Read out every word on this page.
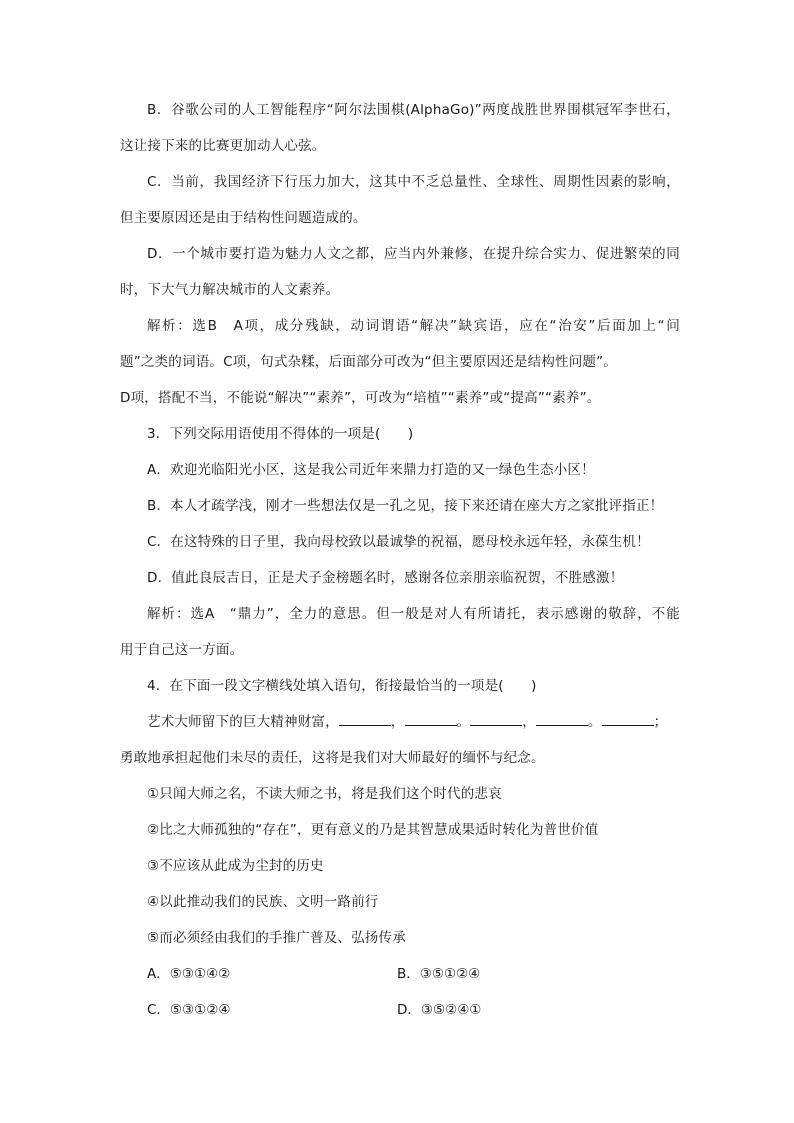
B．谷歌公司的人工智能程序“阿尔法围棋(AlphaGo)”两度战胜世界围棋冠军李世石，
这让接下来的比赛更加动人心弦。
C．当前，我国经济下行压力加大，这其中不乏总量性、全球性、周期性因素的影响，
但主要原因还是由于结构性问题造成的。
D．一个城市要打造为魅力人文之都，应当内外兼修，在提升综合实力、促进繁荣的同
时，下大气力解决城市的人文素养。
解析：选B　A项，成分残缺，动词谓语“解决”缺宾语，应在“治安”后面加上“问
题”之类的词语。C项，句式杂糅，后面部分可改为“但主要原因还是结构性问题”。
D项，搭配不当，不能说“解决”“素养”，可改为“培植”“素养”或“提高”“素养”。
3．下列交际用语使用不得体的一项是(　　)
A．欢迎光临阳光小区，这是我公司近年来鼎力打造的又一绿色生态小区！
B．本人才疏学浅，刚才一些想法仅是一孔之见，接下来还请在座大方之家批评指正！
C．在这特殊的日子里，我向母校致以最诚挚的祝福，愿母校永远年轻，永葆生机！
D．值此良辰吉日，正是犬子金榜题名时，感谢各位亲朋亲临祝贺，不胜感激！
解析：选A　“鼎力”，全力的意思。但一般是对人有所请托，表示感谢的敬辞，不能
用于自己这一方面。
4．在下面一段文字横线处填入语句，衔接最恰当的一项是(　　)
艺术大师留下的巨大精神财富，	，	。	，	。	；
勇敢地承担起他们未尽的责任，这将是我们对大师最好的缅怀与纪念。
①只闻大师之名，不读大师之书，将是我们这个时代的悲哀
②比之大师孤独的“存在”，更有意义的乃是其智慧成果适时转化为普世价值
③不应该从此成为尘封的历史
④以此推动我们的民族、文明一路前行
⑤而必须经由我们的手推广普及、弘扬传承
A．⑤③①④②	B．③⑤①②④
C．⑤③①②④	D．③⑤②④①
